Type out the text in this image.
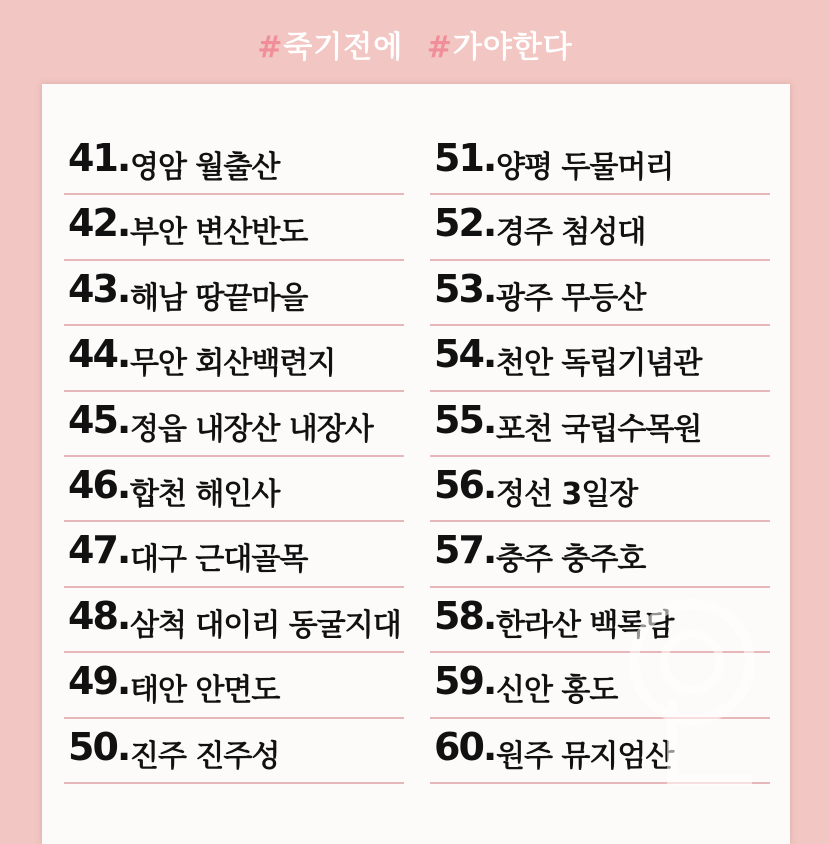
#죽기전에 #가야한다
41. 영암 월출산
42. 부안 변산반도
43. 해남 땅끝마을
44. 무안 회산백련지
45. 정읍 내장산 내장사
46. 합천 해인사
47. 대구 근대골목
48. 삼척 대이리 동굴지대
49. 태안 안면도
50. 진주 진주성
51. 양평 두물머리
52. 경주 첨성대
53. 광주 무등산
54. 천안 독립기념관
55. 포천 국립수목원
56. 정선 3일장
57. 충주 충주호
58. 한라산 백록담
59. 신안 홍도
60. 원주 뮤지엄산
